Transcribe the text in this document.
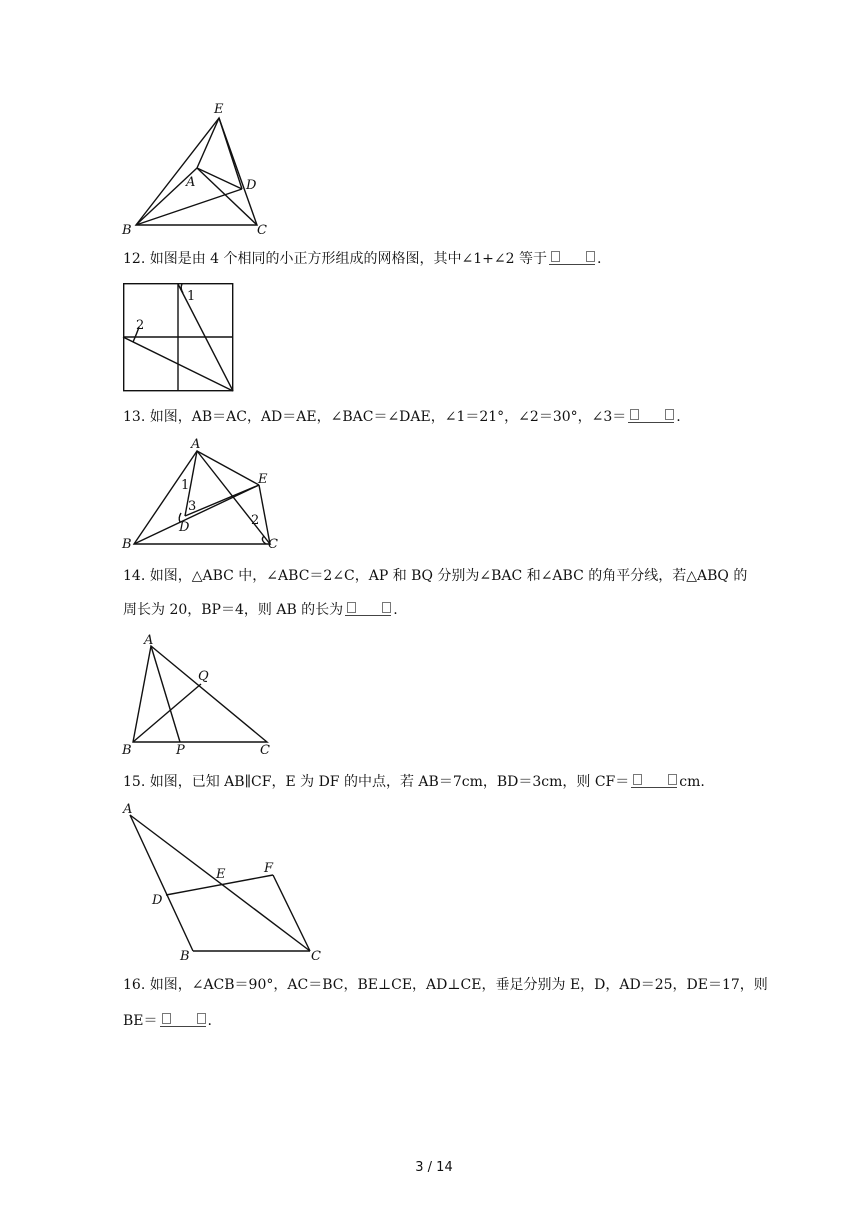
E
A	D
B	C
12. 如图是由 4 个相同的小正方形组成的网格图，其中∠1+∠2 等于	.
1
2
13. 如图，AB＝AC，AD＝AE，∠BAC＝∠DAE，∠1＝21°，∠2＝30°，∠3＝	.
A
E
1
3
D	2
B	C
14. 如图，△ABC 中，∠ABC＝2∠C，AP 和 BQ 分别为∠BAC 和∠ABC 的角平分线，若△ABQ 的
周长为 20，BP＝4，则 AB 的长为	.
A
Q
B	P	C
15. 如图，已知 AB∥CF，E 为 DF 的中点，若 AB＝7cm，BD＝3cm，则 CF＝	cm.
A
E	F
D
B	C
16. 如图，∠ACB＝90°，AC＝BC，BE⊥CE，AD⊥CE，垂足分别为 E，D，AD＝25，DE＝17，则
BE＝	.
3 / 14
